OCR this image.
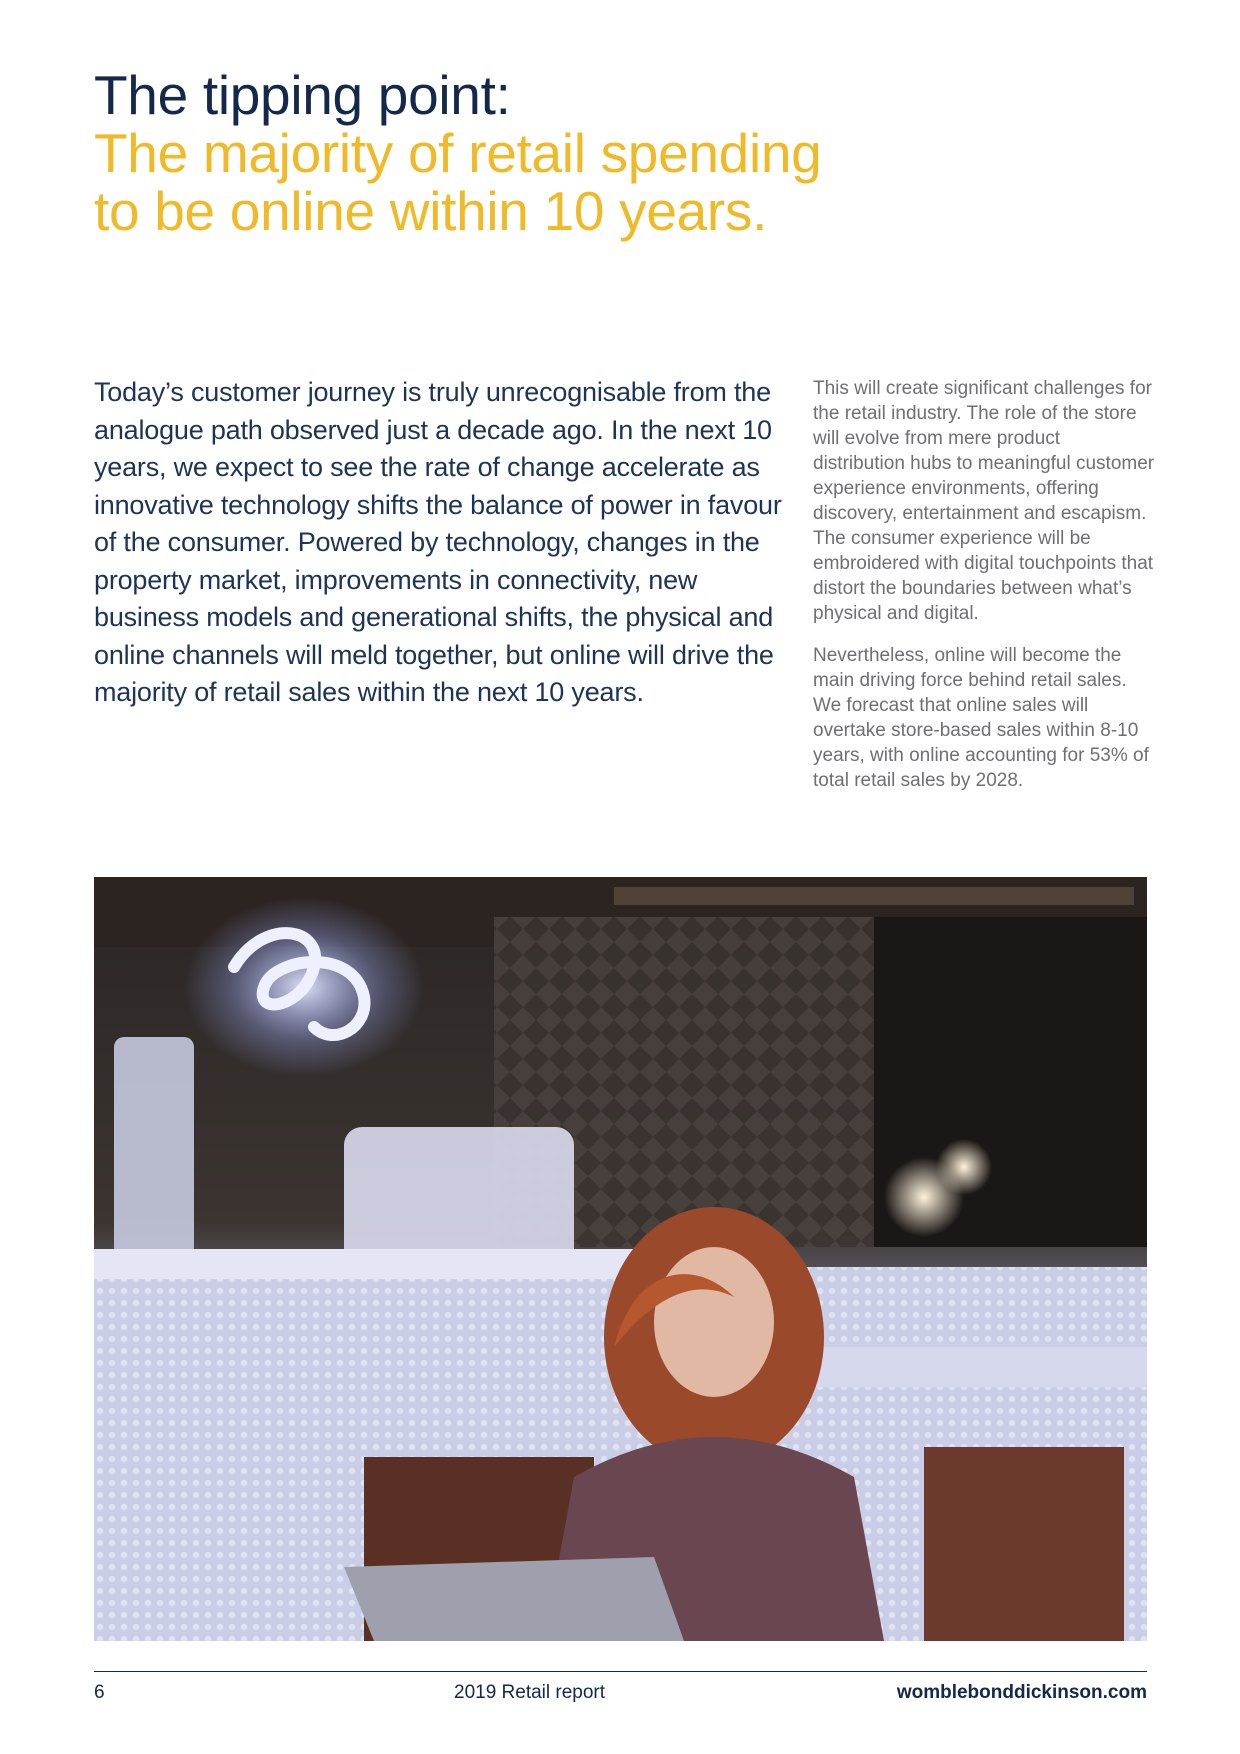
The tipping point:
The majority of retail spending
to be online within 10 years.

Today’s customer journey is truly unrecognisable from the analogue path observed just a decade ago. In the next 10 years, we expect to see the rate of change accelerate as innovative technology shifts the balance of power in favour of the consumer. Powered by technology, changes in the property market, improvements in connectivity, new business models and generational shifts, the physical and online channels will meld together, but online will drive the majority of retail sales within the next 10 years.

This will create significant challenges for the retail industry. The role of the store will evolve from mere product distribution hubs to meaningful customer experience environments, offering discovery, entertainment and escapism. The consumer experience will be embroidered with digital touchpoints that distort the boundaries between what’s physical and digital.

Nevertheless, online will become the main driving force behind retail sales. We forecast that online sales will overtake store-based sales within 8-10 years, with online accounting for 53% of total retail sales by 2028.

6	2019 Retail report	womblebonddickinson.com
